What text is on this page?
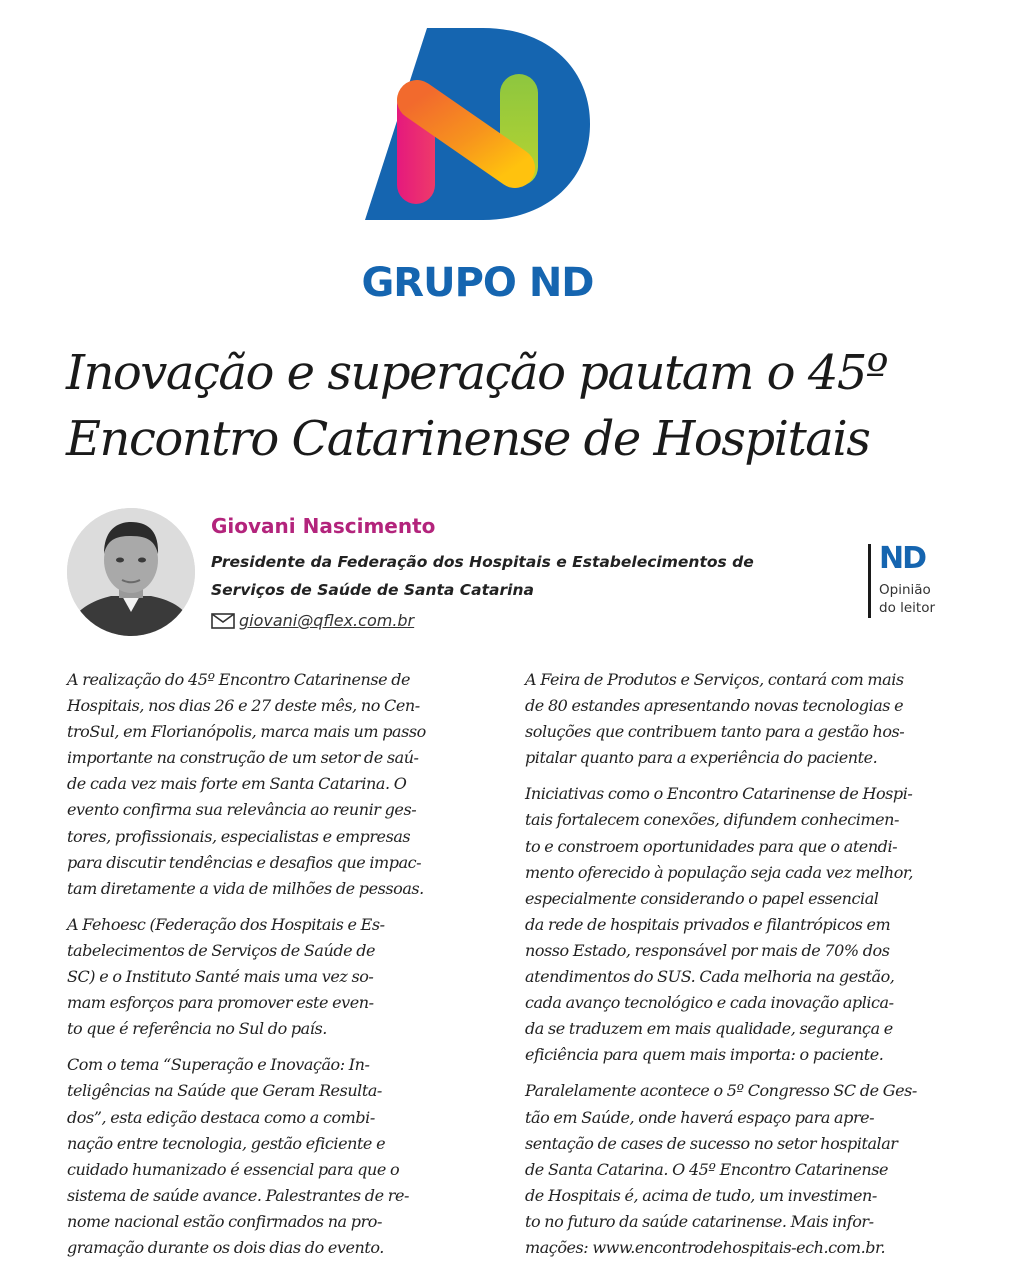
GRUPO ND
Inovação e superação pautam o 45º
Encontro Catarinense de Hospitais
Giovani Nascimento
Presidente da Federação dos Hospitais e Estabelecimentos de
Serviços de Saúde de Santa Catarina
giovani@qflex.com.br
ND
Opinião
do leitor

A realização do 45º Encontro Catarinense de
Hospitais, nos dias 26 e 27 deste mês, no Cen-
troSul, em Florianópolis, marca mais um passo
importante na construção de um setor de saú-
de cada vez mais forte em Santa Catarina. O
evento confirma sua relevância ao reunir ges-
tores, profissionais, especialistas e empresas
para discutir tendências e desafios que impac-
tam diretamente a vida de milhões de pessoas.

A Fehoesc (Federação dos Hospitais e Es-
tabelecimentos de Serviços de Saúde de
SC) e o Instituto Santé mais uma vez so-
mam esforços para promover este even-
to que é referência no Sul do país.

Com o tema “Superação e Inovação: In-
teligências na Saúde que Geram Resulta-
dos”, esta edição destaca como a combi-
nação entre tecnologia, gestão eficiente e
cuidado humanizado é essencial para que o
sistema de saúde avance. Palestrantes de re-
nome nacional estão confirmados na pro-
gramação durante os dois dias do evento.

A Feira de Produtos e Serviços, contará com mais
de 80 estandes apresentando novas tecnologias e
soluções que contribuem tanto para a gestão hos-
pitalar quanto para a experiência do paciente.

Iniciativas como o Encontro Catarinense de Hospi-
tais fortalecem conexões, difundem conhecimen-
to e constroem oportunidades para que o atendi-
mento oferecido à população seja cada vez melhor,
especialmente considerando o papel essencial
da rede de hospitais privados e filantrópicos em
nosso Estado, responsável por mais de 70% dos
atendimentos do SUS. Cada melhoria na gestão,
cada avanço tecnológico e cada inovação aplica-
da se traduzem em mais qualidade, segurança e
eficiência para quem mais importa: o paciente.

Paralelamente acontece o 5º Congresso SC de Ges-
tão em Saúde, onde haverá espaço para apre-
sentação de cases de sucesso no setor hospitalar
de Santa Catarina. O 45º Encontro Catarinense
de Hospitais é, acima de tudo, um investimen-
to no futuro da saúde catarinense. Mais infor-
mações: www.encontrodehospitais-ech.com.br.
